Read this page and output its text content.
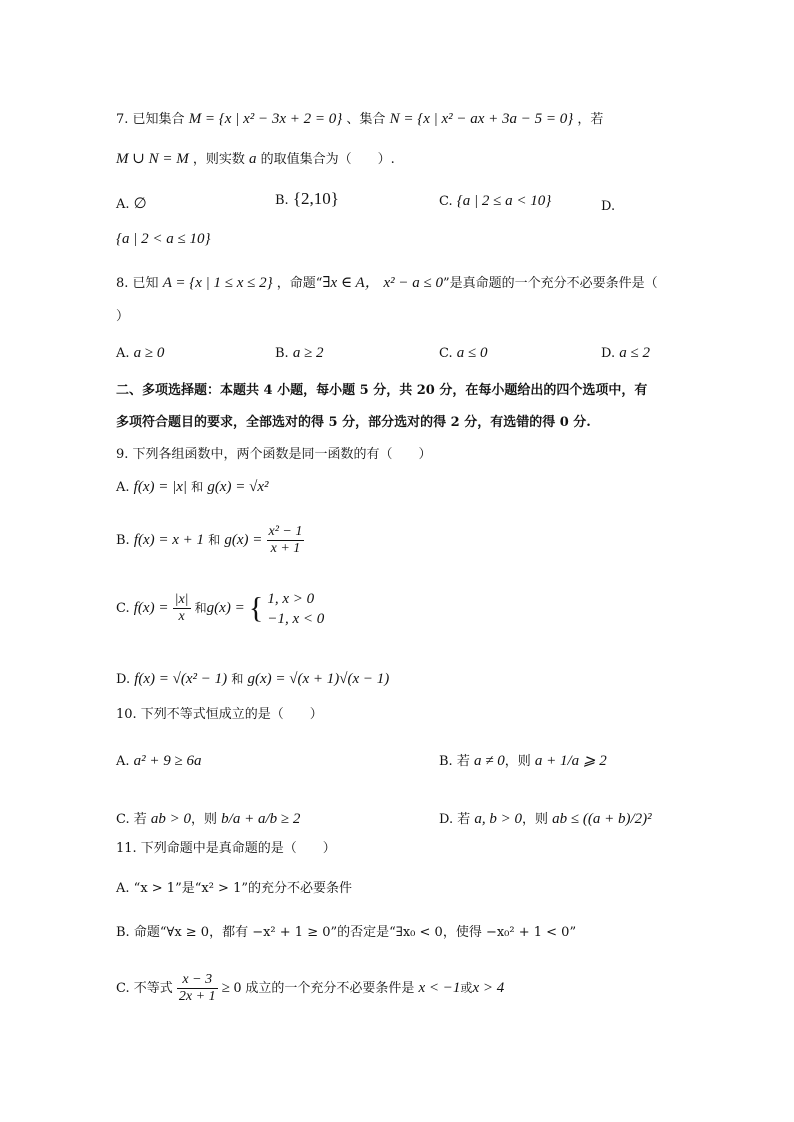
7. 已知集合 M = {x | x² − 3x + 2 = 0} 、集合 N = {x | x² − ax + 3a − 5 = 0} ，若
M ∪ N = M ，则实数 a 的取值集合为（　　）.
A. ∅	B. {2,10}	C. {a | 2 ≤ a < 10}	D.
{a | 2 < a ≤ 10}
8. 已知 A = {x | 1 ≤ x ≤ 2} ，命题“∃x ∈ A， x² − a ≤ 0”是真命题的一个充分不必要条件是（
）
A. a ≥ 0	B. a ≥ 2	C. a ≤ 0	D. a ≤ 2
二、多项选择题：本题共 4 小题，每小题 5 分，共 20 分，在每小题给出的四个选项中，有
多项符合题目的要求，全部选对的得 5 分，部分选对的得 2 分，有选错的得 0 分.
9. 下列各组函数中，两个函数是同一函数的有（　　）
A. f(x) = |x| 和 g(x) = √x²
B. f(x) = x + 1 和 $g(x) = \frac{\text{x² − 1}}{x + 1}$
C. $f(x) = \frac{|x|}{x}$ 和g(x) = { 1, x > 0
−1, x < 0
D. f(x) = √(x² − 1) 和 g(x) = √(x + 1)√(x − 1)
10. 下列不等式恒成立的是（　　）
A. a² + 9 ≥ 6a	B. 若 a ≠ 0，则 a + 1/a ⩾ 2
C. 若 ab > 0，则 b/a + a/b ≥ 2	D. 若 a, b > 0，则 ab ≤ ((a + b)/2)²
11. 下列命题中是真命题的是（　　）
A. “x > 1”是“x² > 1”的充分不必要条件
B. 命题“∀x ≥ 0，都有 −x² + 1 ≥ 0”的否定是“∃x₀ < 0，使得 −x₀² + 1 < 0”
C. 不等式 $\frac{x - 3}{2x + 1} \ge 0$ 成立的一个充分不必要条件是 x < −1或x > 4
